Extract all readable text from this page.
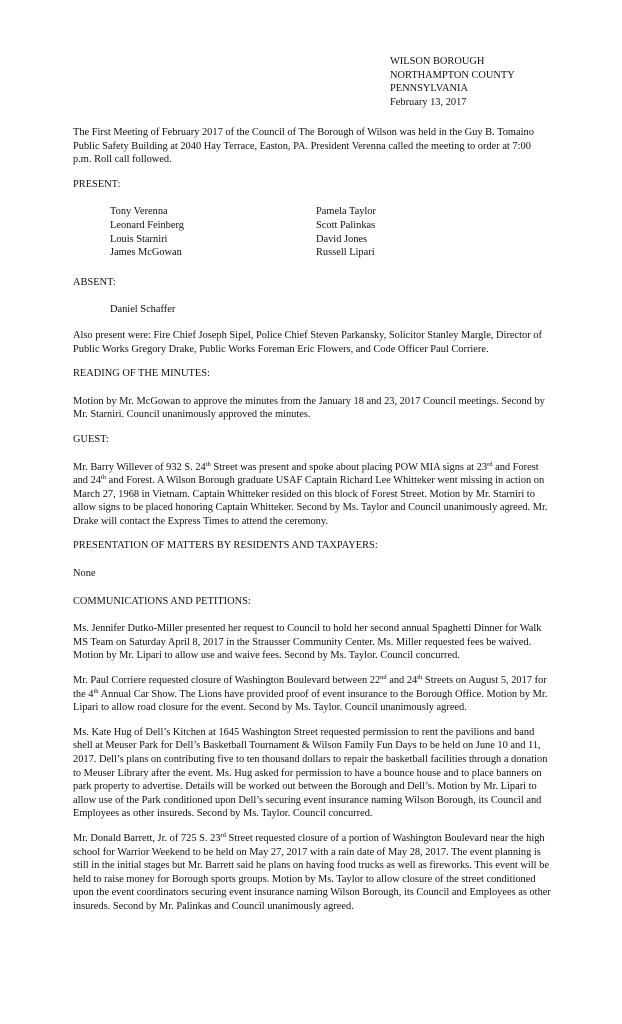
WILSON BOROUGH
NORTHAMPTON COUNTY
PENNSYLVANIA
February 13, 2017

The First Meeting of February 2017 of the Council of The Borough of Wilson was held in the Guy B. Tomaino Public Safety Building at 2040 Hay Terrace, Easton, PA. President Verenna called the meeting to order at 7:00 p.m. Roll call followed.

PRESENT:

Tony Verenna	Pamela Taylor
Leonard Feinberg	Scott Palinkas
Louis Starniri	David Jones
James McGowan	Russell Lipari

ABSENT:

Daniel Schaffer

Also present were: Fire Chief Joseph Sipel, Police Chief Steven Parkansky, Solicitor Stanley Margle, Director of Public Works Gregory Drake, Public Works Foreman Eric Flowers, and Code Officer Paul Corriere.

READING OF THE MINUTES:

Motion by Mr. McGowan to approve the minutes from the January 18 and 23, 2017 Council meetings. Second by Mr. Starniri. Council unanimously approved the minutes.

GUEST:

Mr. Barry Willever of 932 S. 24th Street was present and spoke about placing POW MIA signs at 23rd and Forest and 24th and Forest. A Wilson Borough graduate USAF Captain Richard Lee Whitteker went missing in action on March 27, 1968 in Vietnam. Captain Whitteker resided on this block of Forest Street. Motion by Mr. Starniri to allow signs to be placed honoring Captain Whitteker. Second by Ms. Taylor and Council unanimously agreed. Mr. Drake will contact the Express Times to attend the ceremony.

PRESENTATION OF MATTERS BY RESIDENTS AND TAXPAYERS:

None

COMMUNICATIONS AND PETITIONS:

Ms. Jennifer Dutko-Miller presented her request to Council to hold her second annual Spaghetti Dinner for Walk MS Team on Saturday April 8, 2017 in the Strausser Community Center. Ms. Miller requested fees be waived. Motion by Mr. Lipari to allow use and waive fees. Second by Ms. Taylor. Council concurred.

Mr. Paul Corriere requested closure of Washington Boulevard between 22nd and 24th Streets on August 5, 2017 for the 4th Annual Car Show. The Lions have provided proof of event insurance to the Borough Office. Motion by Mr. Lipari to allow road closure for the event. Second by Ms. Taylor. Council unanimously agreed.

Ms. Kate Hug of Dell’s Kitchen at 1645 Washington Street requested permission to rent the pavilions and band shell at Meuser Park for Dell’s Basketball Tournament & Wilson Family Fun Days to be held on June 10 and 11, 2017. Dell’s plans on contributing five to ten thousand dollars to repair the basketball facilities through a donation to Meuser Library after the event. Ms. Hug asked for permission to have a bounce house and to place banners on park property to advertise. Details will be worked out between the Borough and Dell’s. Motion by Mr. Lipari to allow use of the Park conditioned upon Dell’s securing event insurance naming Wilson Borough, its Council and Employees as other insureds. Second by Ms. Taylor. Council concurred.

Mr. Donald Barrett, Jr. of 725 S. 23rd Street requested closure of a portion of Washington Boulevard near the high school for Warrior Weekend to be held on May 27, 2017 with a rain date of May 28, 2017. The event planning is still in the initial stages but Mr. Barrett said he plans on having food trucks as well as fireworks. This event will be held to raise money for Borough sports groups. Motion by Ms. Taylor to allow closure of the street conditioned upon the event coordinators securing event insurance naming Wilson Borough, its Council and Employees as other insureds. Second by Mr. Palinkas and Council unanimously agreed.
